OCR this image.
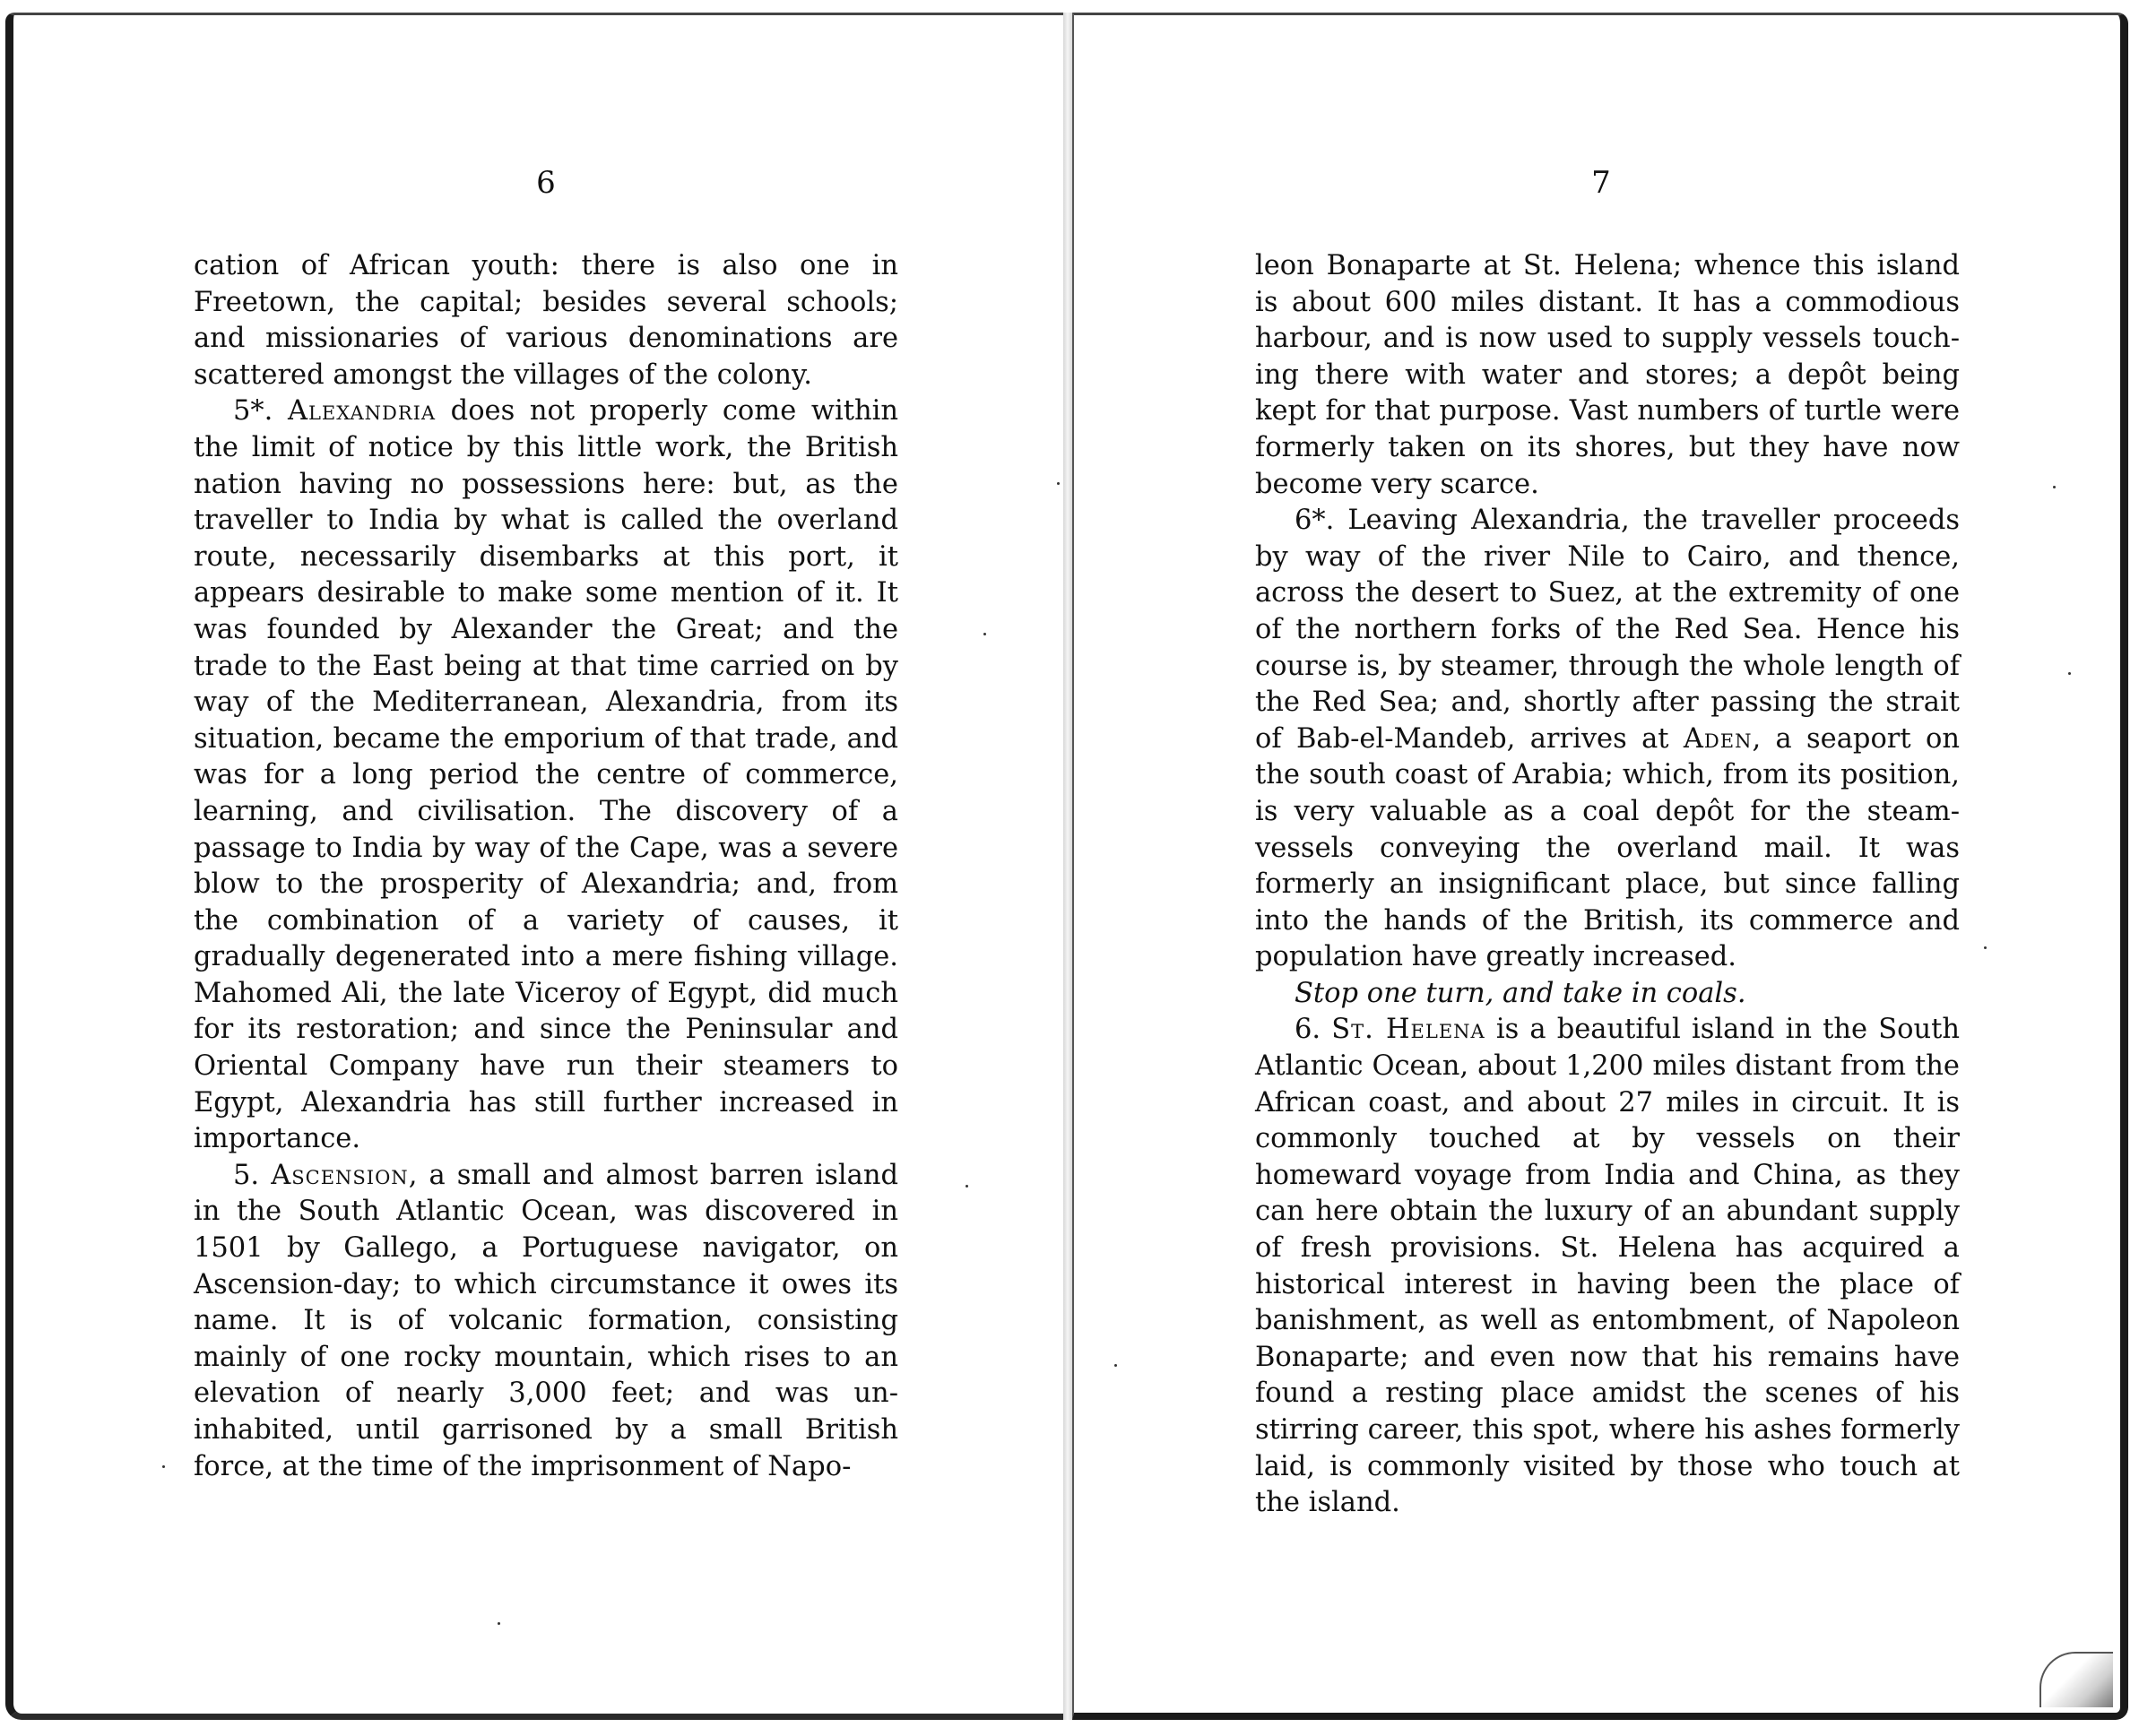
6	7

cation of African youth: there is also one in Freetown, the capital; besides several schools; and missionaries of various denominations are scattered amongst the villages of the colony.

5*. Alexandria does not properly come within the limit of notice by this little work, the British nation having no possessions here: but, as the traveller to India by what is called the overland route, necessarily disembarks at this port, it appears desirable to make some mention of it. It was founded by Alexander the Great; and the trade to the East being at that time carried on by way of the Mediterranean, Alexandria, from its situation, became the emporium of that trade, and was for a long period the centre of commerce, learning, and civilisation. The discovery of a passage to India by way of the Cape, was a severe blow to the prosperity of Alexandria; and, from the combination of a variety of causes, it gradually degenerated into a mere fishing village. Mahomed Ali, the late Viceroy of Egypt, did much for its restoration; and since the Peninsular and Oriental Company have run their steamers to Egypt, Alexandria has still further increased in importance.

5. Ascension, a small and almost barren island in the South Atlantic Ocean, was discovered in 1501 by Gallego, a Portuguese navigator, on Ascension-day; to which circumstance it owes its name. It is of volcanic formation, consisting mainly of one rocky mountain, which rises to an elevation of nearly 3,000 feet; and was uninhabited, until garrisoned by a small British force, at the time of the imprisonment of Napo-

leon Bonaparte at St. Helena; whence this island is about 600 miles distant. It has a commodious harbour, and is now used to supply vessels touching there with water and stores; a depôt being kept for that purpose. Vast numbers of turtle were formerly taken on its shores, but they have now become very scarce.

6*. Leaving Alexandria, the traveller proceeds by way of the river Nile to Cairo, and thence, across the desert to Suez, at the extremity of one of the northern forks of the Red Sea. Hence his course is, by steamer, through the whole length of the Red Sea; and, shortly after passing the strait of Bab-el-Mandeb, arrives at Aden, a seaport on the south coast of Arabia; which, from its position, is very valuable as a coal depôt for the steam-vessels conveying the overland mail. It was formerly an insignificant place, but since falling into the hands of the British, its commerce and population have greatly increased.

Stop one turn, and take in coals.

6. St. Helena is a beautiful island in the South Atlantic Ocean, about 1,200 miles distant from the African coast, and about 27 miles in circuit. It is commonly touched at by vessels on their homeward voyage from India and China, as they can here obtain the luxury of an abundant supply of fresh provisions. St. Helena has acquired a historical interest in having been the place of banishment, as well as entombment, of Napoleon Bonaparte; and even now that his remains have found a resting place amidst the scenes of his stirring career, this spot, where his ashes formerly laid, is commonly visited by those who touch at the island.
